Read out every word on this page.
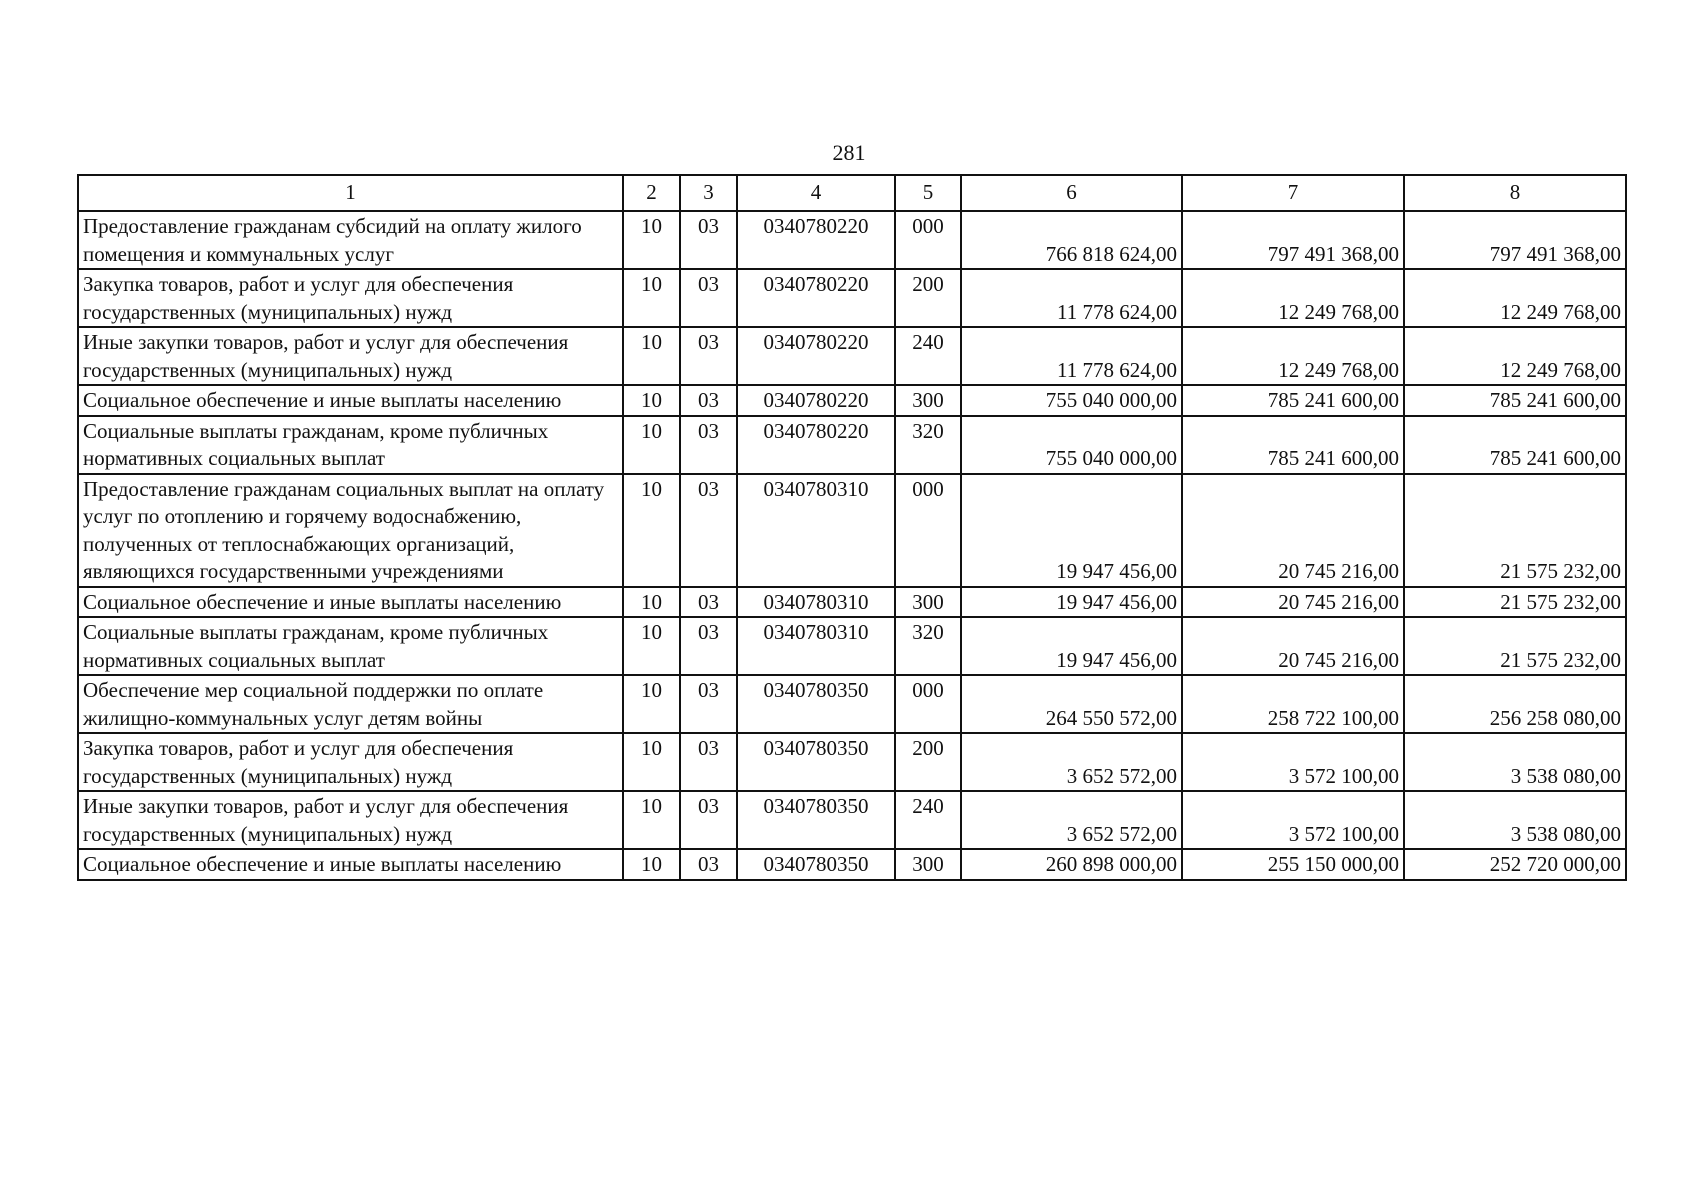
281
1	2	3	4	5	6	7	8
Предоставление гражданам субсидий на оплату жилого помещения и коммунальных услуг	10	03	0340780220	000	766 818 624,00	797 491 368,00	797 491 368,00
Закупка товаров, работ и услуг для обеспечения государственных (муниципальных) нужд	10	03	0340780220	200	11 778 624,00	12 249 768,00	12 249 768,00
Иные закупки товаров, работ и услуг для обеспечения государственных (муниципальных) нужд	10	03	0340780220	240	11 778 624,00	12 249 768,00	12 249 768,00
Социальное обеспечение и иные выплаты населению	10	03	0340780220	300	755 040 000,00	785 241 600,00	785 241 600,00
Социальные выплаты гражданам, кроме публичных нормативных социальных выплат	10	03	0340780220	320	755 040 000,00	785 241 600,00	785 241 600,00
Предоставление гражданам социальных выплат на оплату услуг по отоплению и горячему водоснабжению, полученных от теплоснабжающих организаций, являющихся государственными учреждениями	10	03	0340780310	000	19 947 456,00	20 745 216,00	21 575 232,00
Социальное обеспечение и иные выплаты населению	10	03	0340780310	300	19 947 456,00	20 745 216,00	21 575 232,00
Социальные выплаты гражданам, кроме публичных нормативных социальных выплат	10	03	0340780310	320	19 947 456,00	20 745 216,00	21 575 232,00
Обеспечение мер социальной поддержки по оплате жилищно-коммунальных услуг детям войны	10	03	0340780350	000	264 550 572,00	258 722 100,00	256 258 080,00
Закупка товаров, работ и услуг для обеспечения государственных (муниципальных) нужд	10	03	0340780350	200	3 652 572,00	3 572 100,00	3 538 080,00
Иные закупки товаров, работ и услуг для обеспечения государственных (муниципальных) нужд	10	03	0340780350	240	3 652 572,00	3 572 100,00	3 538 080,00
Социальное обеспечение и иные выплаты населению	10	03	0340780350	300	260 898 000,00	255 150 000,00	252 720 000,00
